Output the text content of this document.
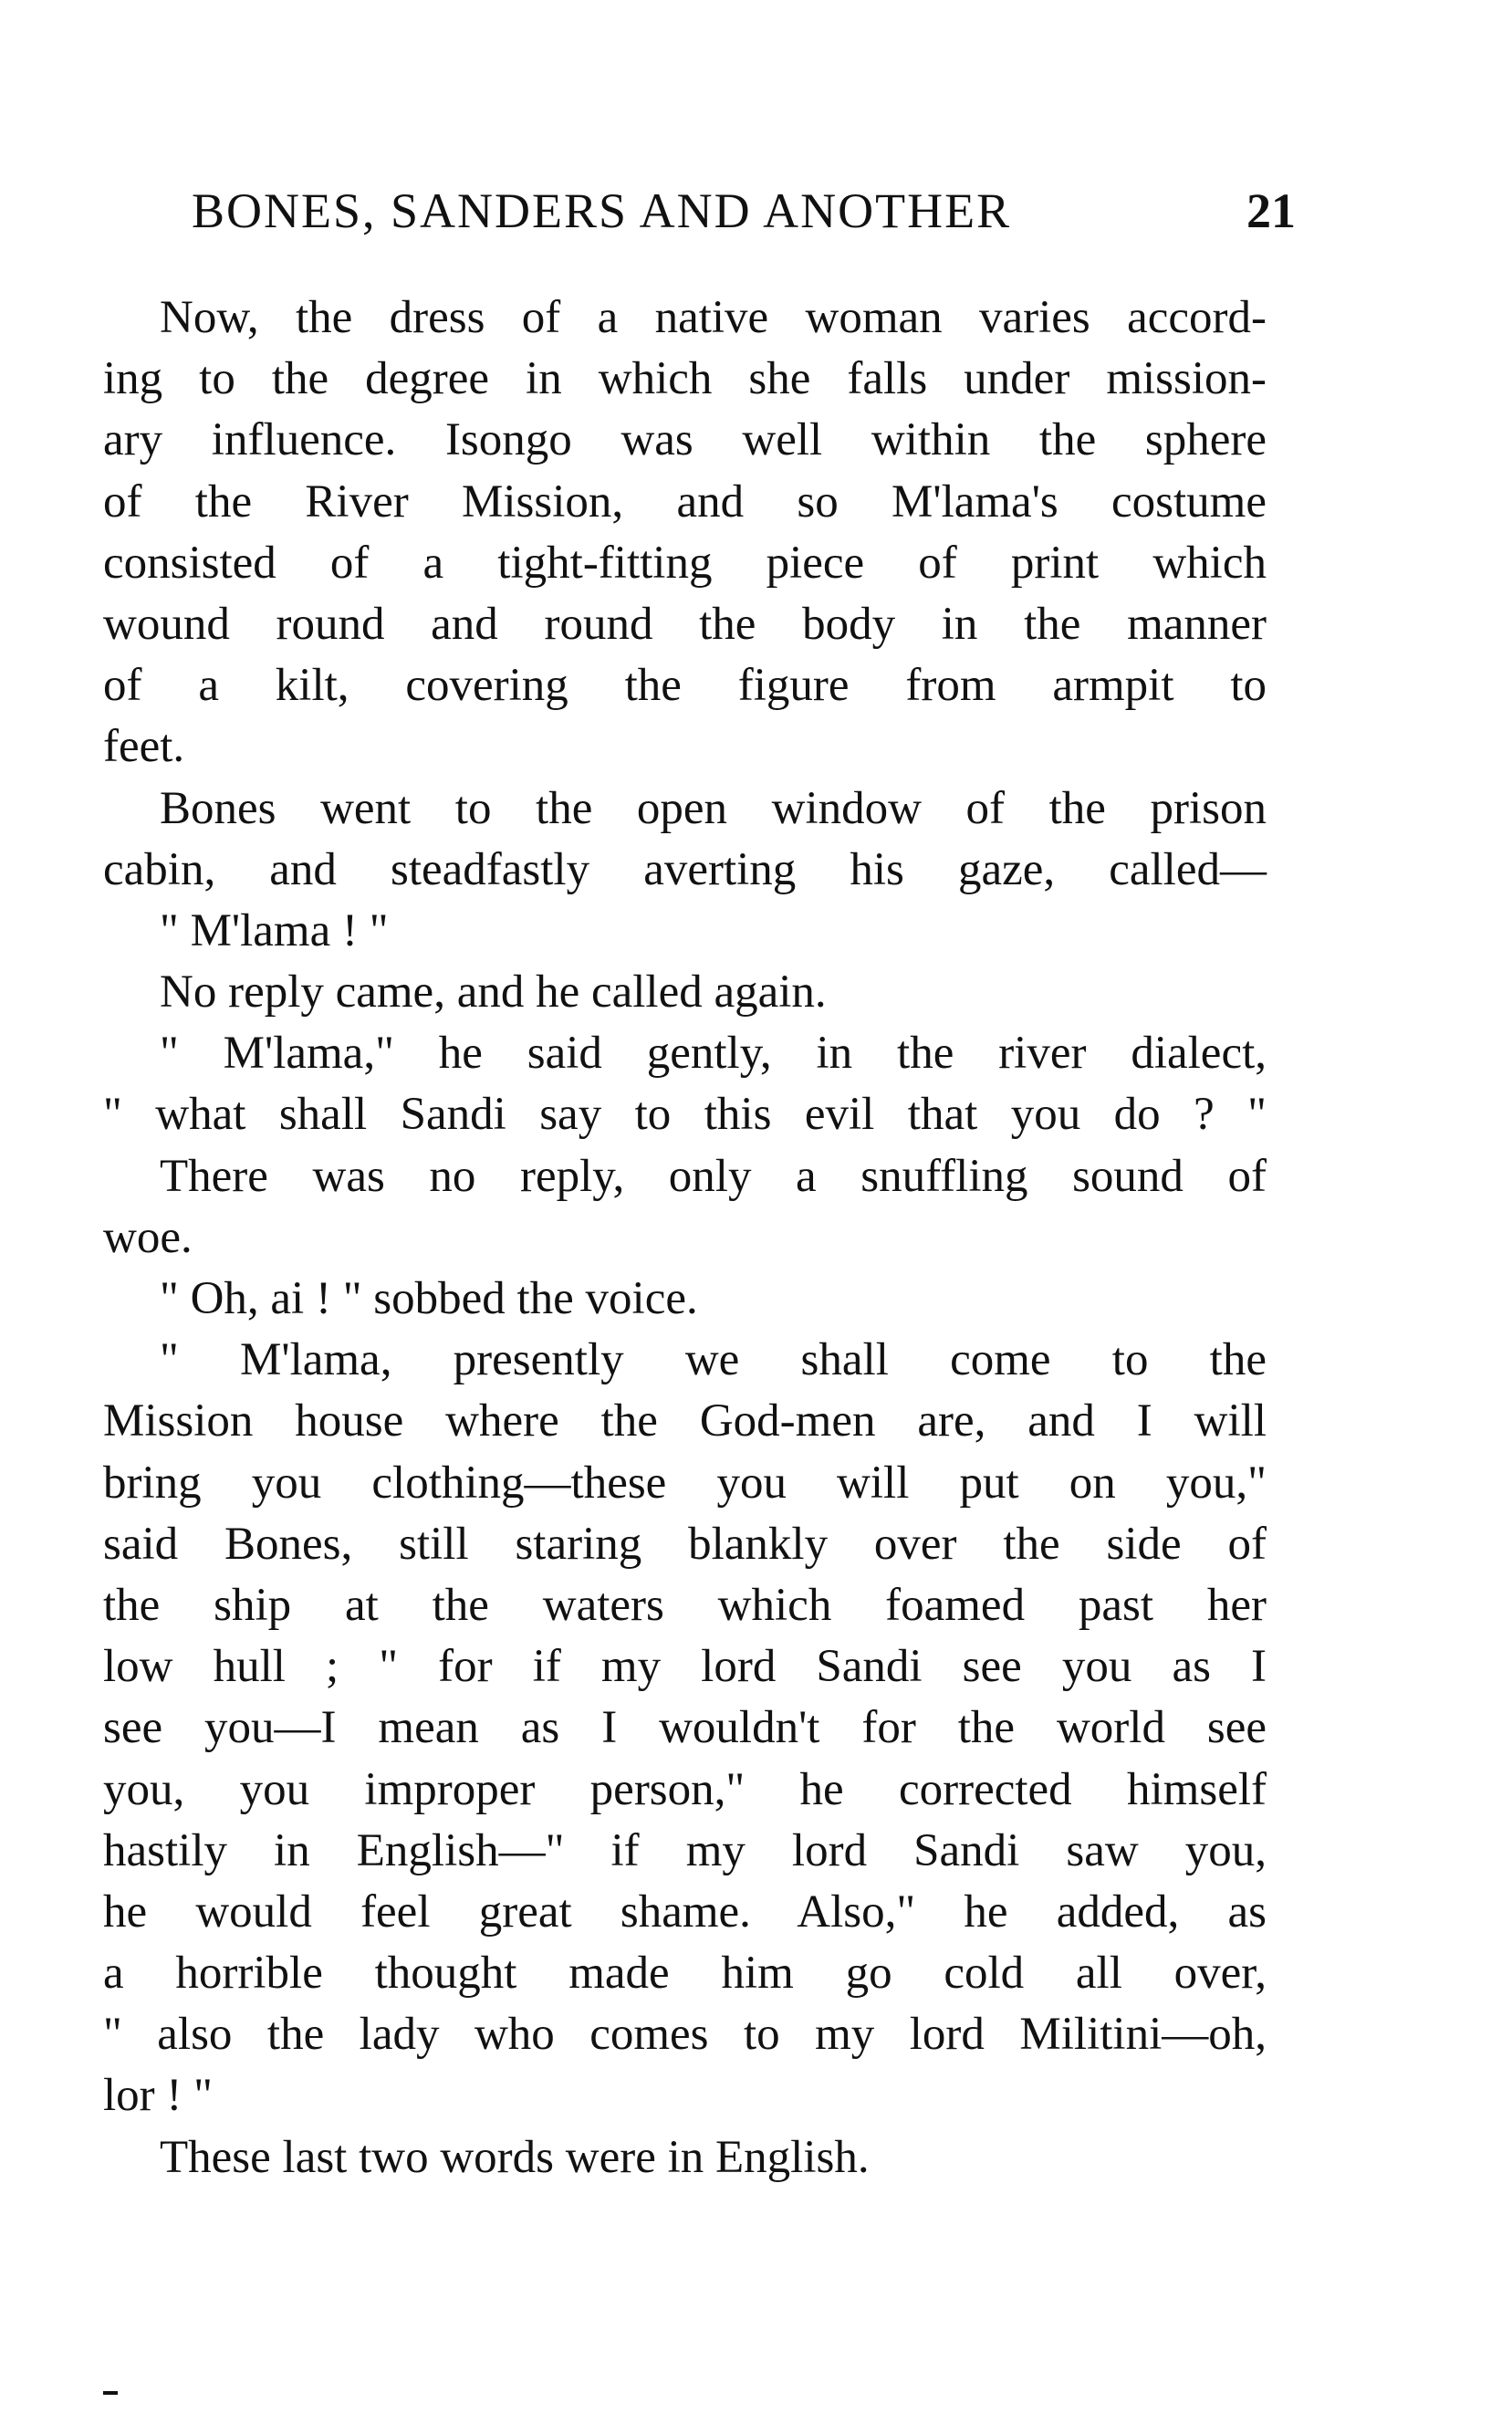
BONES, SANDERS AND ANOTHER	21
Now, the dress of a native woman varies accord-
ing to the degree in which she falls under mission-
ary influence. Isongo was well within the sphere
of the River Mission, and so M'lama's costume
consisted of a tight-fitting piece of print which
wound round and round the body in the manner
of a kilt, covering the figure from armpit to
feet.
Bones went to the open window of the prison
cabin, and steadfastly averting his gaze, called—
" M'lama ! "
No reply came, and he called again.
" M'lama," he said gently, in the river dialect,
" what shall Sandi say to this evil that you do ? "
There was no reply, only a snuffling sound of
woe.
" Oh, ai ! " sobbed the voice.
" M'lama, presently we shall come to the
Mission house where the God-men are, and I will
bring you clothing—these you will put on you,"
said Bones, still staring blankly over the side of
the ship at the waters which foamed past her
low hull ; " for if my lord Sandi see you as I
see you—I mean as I wouldn't for the world see
you, you improper person," he corrected himself
hastily in English—" if my lord Sandi saw you,
he would feel great shame. Also," he added, as
a horrible thought made him go cold all over,
" also the lady who comes to my lord Militini—oh,
lor ! "
These last two words were in English.
